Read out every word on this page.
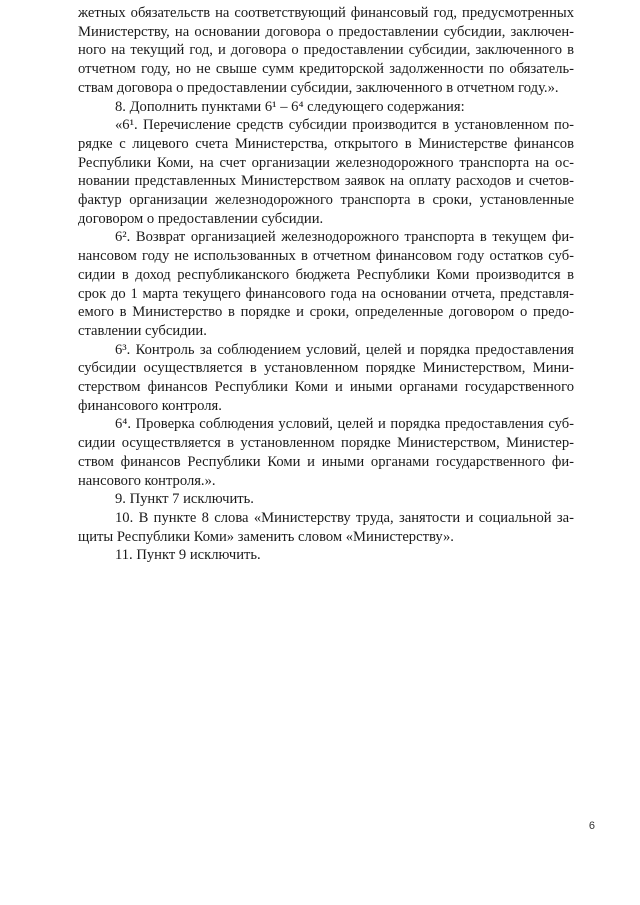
жетных обязательств на соответствующий финансовый год, предусмотренных
Министерству, на основании договора о предоставлении субсидии, заключен-
ного на текущий год, и договора о предоставлении субсидии, заключенного в
отчетном году, но не свыше сумм кредиторской задолженности по обязатель-
ствам договора о предоставлении субсидии, заключенного в отчетном году.».
8. Дополнить пунктами 6¹ – 6⁴ следующего содержания:
«6¹. Перечисление средств субсидии производится в установленном по-
рядке с лицевого счета Министерства, открытого в Министерстве финансов
Республики Коми, на счет организации железнодорожного транспорта на ос-
новании представленных Министерством заявок на оплату расходов и счетов-
фактур организации железнодорожного транспорта в сроки, установленные
договором о предоставлении субсидии.
6². Возврат организацией железнодорожного транспорта в текущем фи-
нансовом году не использованных в отчетном финансовом году остатков суб-
сидии в доход республиканского бюджета Республики Коми производится в
срок до 1 марта текущего финансового года на основании отчета, представля-
емого в Министерство в порядке и сроки, определенные договором о предо-
ставлении субсидии.
6³. Контроль за соблюдением условий, целей и порядка предоставления
субсидии осуществляется в установленном порядке Министерством, Мини-
стерством финансов Республики Коми и иными органами государственного
финансового контроля.
6⁴. Проверка соблюдения условий, целей и порядка предоставления суб-
сидии осуществляется в установленном порядке Министерством, Министер-
ством финансов Республики Коми и иными органами государственного фи-
нансового контроля.».
9. Пункт 7 исключить.
10. В пункте 8 слова «Министерству труда, занятости и социальной за-
щиты Республики Коми» заменить словом «Министерству».
11. Пункт 9 исключить.
6
